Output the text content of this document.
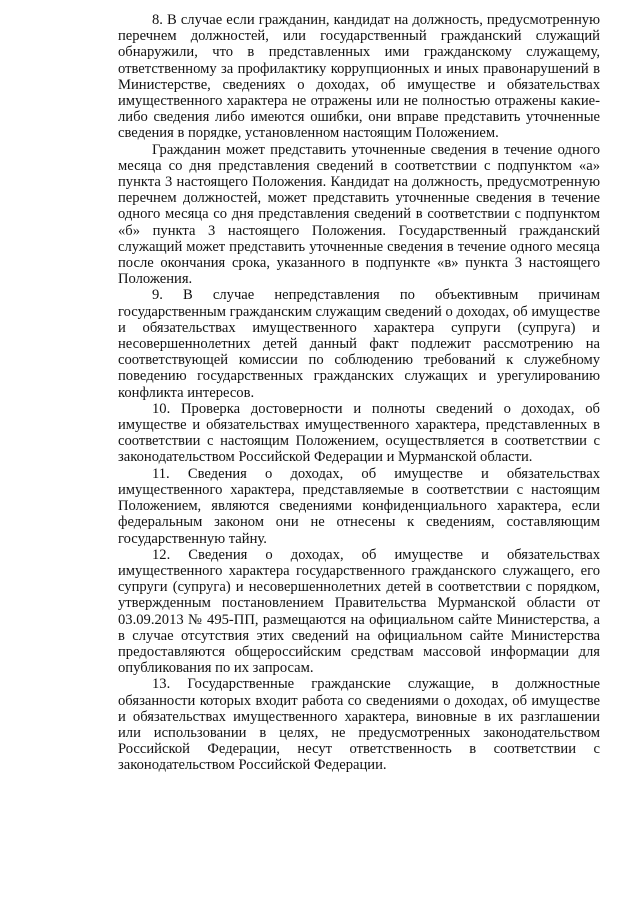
8. В случае если гражданин, кандидат на должность, предусмотренную перечнем должностей, или государственный гражданский служащий обнаружили, что в представленных ими гражданскому служащему, ответственному за профилактику коррупционных и иных правонарушений в Министерстве, сведениях о доходах, об имуществе и обязательствах имущественного характера не отражены или не полностью отражены какие-либо сведения либо имеются ошибки, они вправе представить уточненные сведения в порядке, установленном настоящим Положением.

Гражданин может представить уточненные сведения в течение одного месяца со дня представления сведений в соответствии с подпунктом «а» пункта 3 настоящего Положения. Кандидат на должность, предусмотренную перечнем должностей, может представить уточненные сведения в течение одного месяца со дня представления сведений в соответствии с подпунктом «б» пункта 3 настоящего Положения. Государственный гражданский служащий может представить уточненные сведения в течение одного месяца после окончания срока, указанного в подпункте «в» пункта 3 настоящего Положения.

9. В случае непредставления по объективным причинам государственным гражданским служащим сведений о доходах, об имуществе и обязательствах имущественного характера супруги (супруга) и несовершеннолетних детей данный факт подлежит рассмотрению на соответствующей комиссии по соблюдению требований к служебному поведению государственных гражданских служащих и урегулированию конфликта интересов.

10. Проверка достоверности и полноты сведений о доходах, об имуществе и обязательствах имущественного характера, представленных в соответствии с настоящим Положением, осуществляется в соответствии с законодательством Российской Федерации и Мурманской области.

11. Сведения о доходах, об имуществе и обязательствах имущественного характера, представляемые в соответствии с настоящим Положением, являются сведениями конфиденциального характера, если федеральным законом они не отнесены к сведениям, составляющим государственную тайну.

12. Сведения о доходах, об имуществе и обязательствах имущественного характера государственного гражданского служащего, его супруги (супруга) и несовершеннолетних детей в соответствии с порядком, утвержденным постановлением Правительства Мурманской области от 03.09.2013 № 495-ПП, размещаются на официальном сайте Министерства, а в случае отсутствия этих сведений на официальном сайте Министерства предоставляются общероссийским средствам массовой информации для опубликования по их запросам.

13. Государственные гражданские служащие, в должностные обязанности которых входит работа со сведениями о доходах, об имуществе и обязательствах имущественного характера, виновные в их разглашении или использовании в целях, не предусмотренных законодательством Российской Федерации, несут ответственность в соответствии с законодательством Российской Федерации.
